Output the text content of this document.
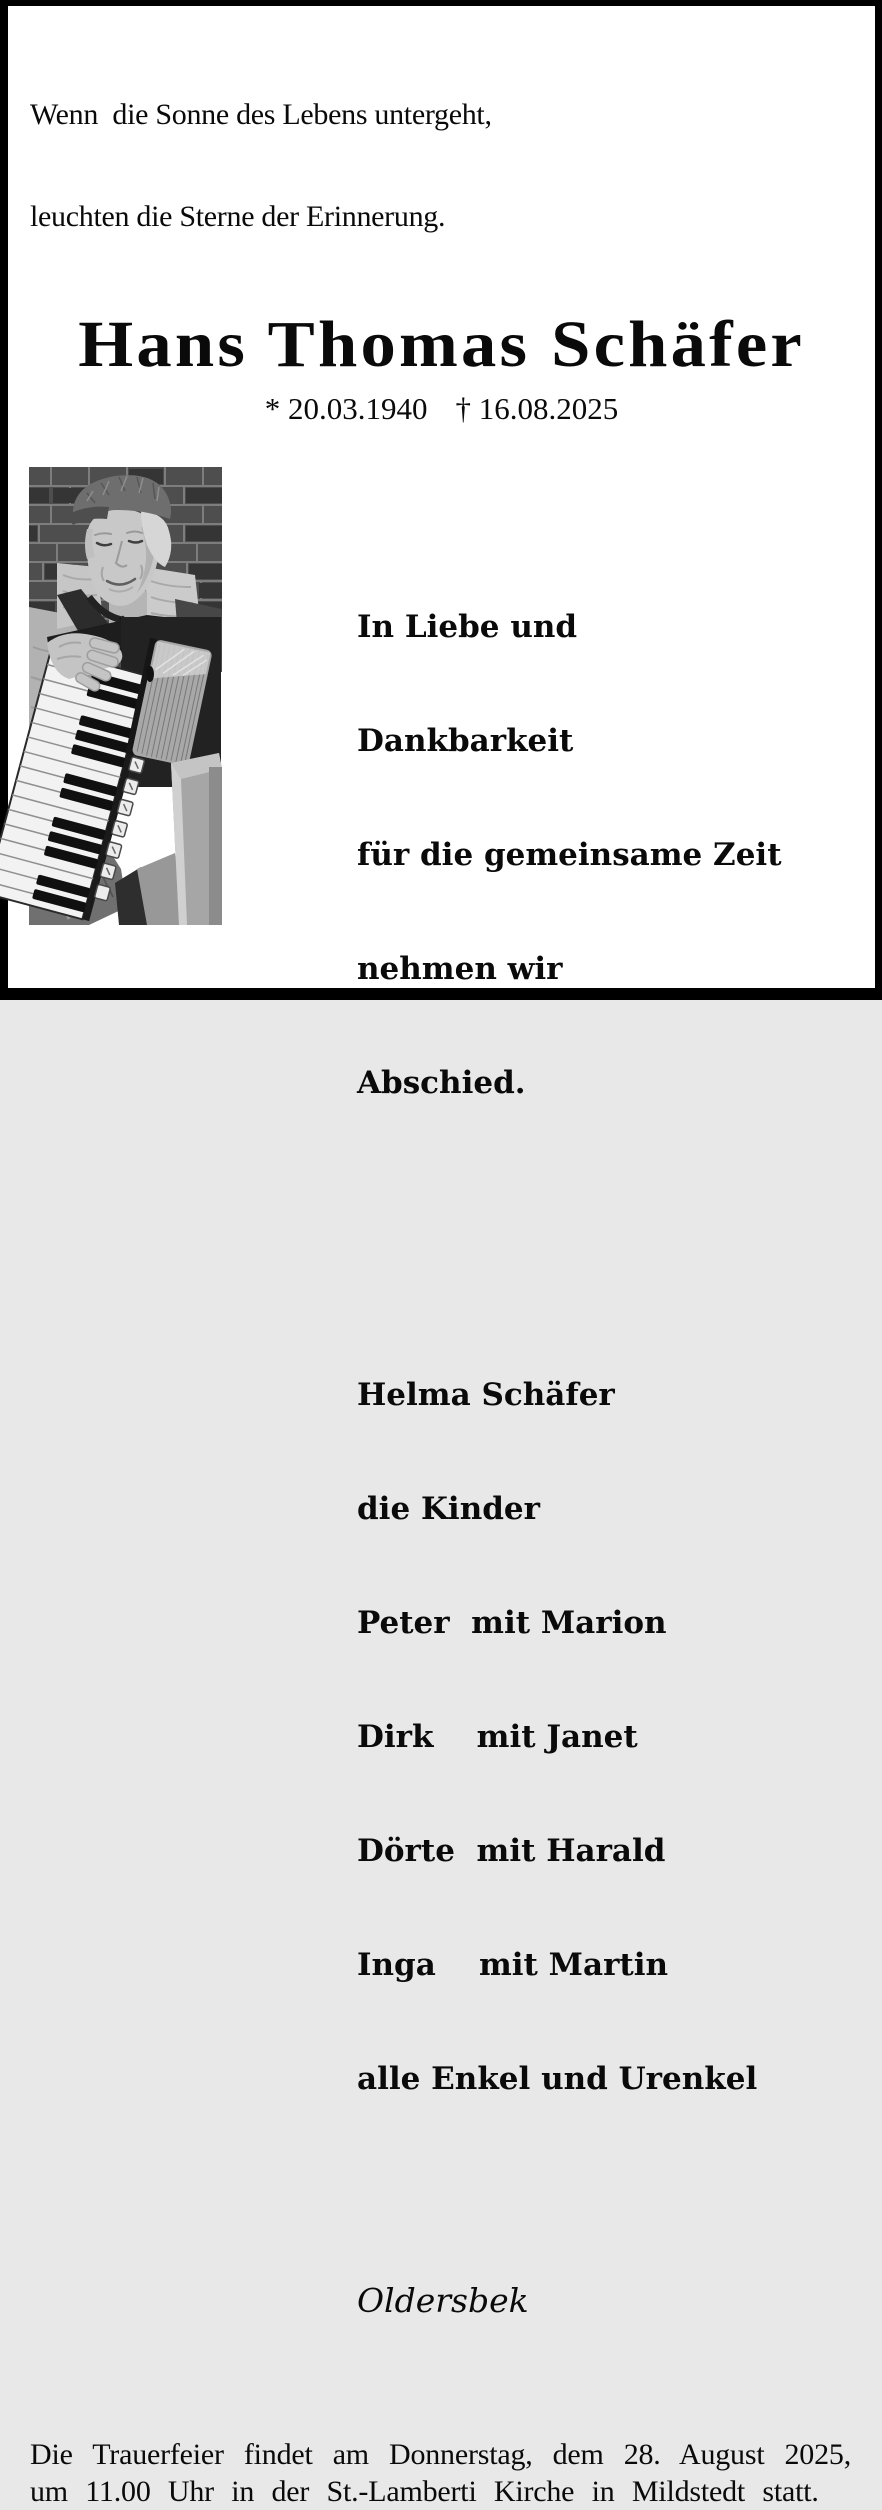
Wenn  die Sonne des Lebens untergeht,

leuchten die Sterne der Erinnerung.

Hans Thomas Schäfer
* 20.03.1940 † 16.08.2025

In Liebe und

Dankbarkeit

für die gemeinsame Zeit

nehmen wir

Abschied.

Helma Schäfer

die Kinder

Peter  mit Marion

Dirk    mit Janet

Dörte  mit Harald

Inga    mit Martin

alle Enkel und Urenkel

Oldersbek

Die Trauerfeier findet am Donnerstag, dem 28. August 2025, um 11.00 Uhr in der St.-Lamberti Kirche in Mildstedt statt.
